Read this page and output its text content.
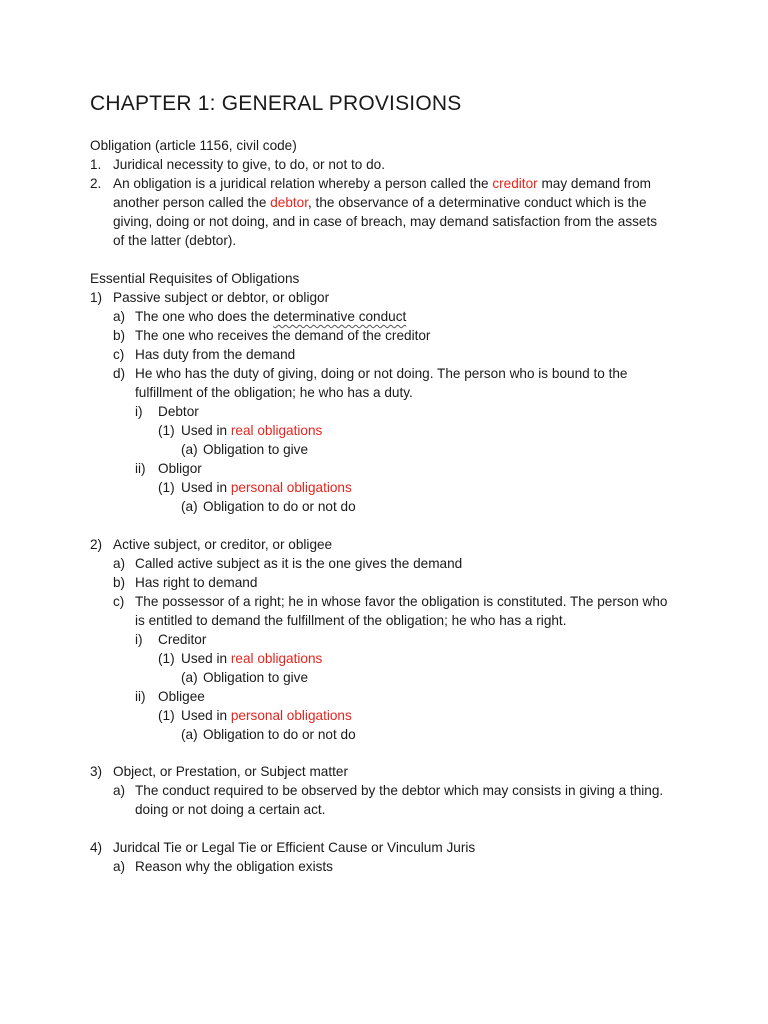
CHAPTER 1: GENERAL PROVISIONS
Obligation (article 1156, civil code)
1. Juridical necessity to give, to do, or not to do.
2. An obligation is a juridical relation whereby a person called the creditor may demand from
another person called the debtor, the observance of a determinative conduct which is the
giving, doing or not doing, and in case of breach, may demand satisfaction from the assets
of the latter (debtor).
Essential Requisites of Obligations
1) Passive subject or debtor, or obligor
a) The one who does the determinative conduct
b) The one who receives the demand of the creditor
c) Has duty from the demand
d) He who has the duty of giving, doing or not doing. The person who is bound to the
fulfillment of the obligation; he who has a duty.
i) Debtor
(1) Used in real obligations
(a) Obligation to give
ii) Obligor
(1) Used in personal obligations
(a) Obligation to do or not do
2) Active subject, or creditor, or obligee
a) Called active subject as it is the one gives the demand
b) Has right to demand
c) The possessor of a right; he in whose favor the obligation is constituted. The person who
is entitled to demand the fulfillment of the obligation; he who has a right.
i) Creditor
(1) Used in real obligations
(a) Obligation to give
ii) Obligee
(1) Used in personal obligations
(a) Obligation to do or not do
3) Object, or Prestation, or Subject matter
a) The conduct required to be observed by the debtor which may consists in giving a thing.
doing or not doing a certain act.
4) Juridcal Tie or Legal Tie or Efficient Cause or Vinculum Juris
a) Reason why the obligation exists
